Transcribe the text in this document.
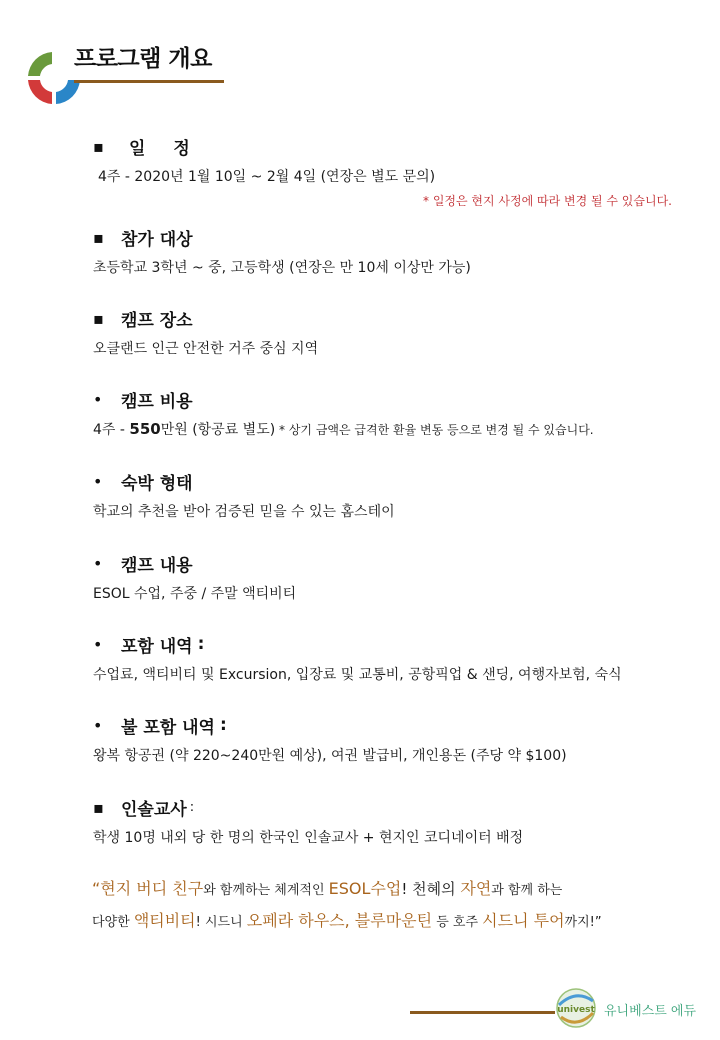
프로그램 개요
▪
일정
4주 - 2020년 1월 10일 ~ 2월 4일 (연장은 별도 문의)
* 일정은 현지 사정에 따라 변경 될 수 있습니다.
▪
참가 대상
초등학교 3학년 ~ 중, 고등학생 (연장은 만 10세 이상만 가능)
▪
캠프 장소
오클랜드 인근 안전한 거주 중심 지역
•
캠프 비용
4주 - 550만원 (항공료 별도) * 상기 금액은 급격한 환율 변동 등으로 변경 될 수 있습니다.
•
숙박 형태
학교의 추천을 받아 검증된 믿을 수 있는 홈스테이
•
캠프 내용
ESOL 수업, 주중 / 주말 액티비티
•
포함 내역 :
수업료, 액티비티 및 Excursion, 입장료 및 교통비, 공항픽업 & 샌딩, 여행자보험, 숙식
•
불 포함 내역 :
왕복 항공권 (약 220~240만원 예상), 여권 발급비, 개인용돈 (주당 약 $100)
▪
인솔교사 :
학생 10명 내외 당 한 명의 한국인 인솔교사 + 현지인 코디네이터 배정
“현지 버디 친구와 함께하는 체계적인 ESOL수업! 천혜의 자연과 함께 하는
다양한 액티비티! 시드니 오페라 하우스, 블루마운틴 등 호주 시드니 투어까지!”
univest 유니베스트 에듀
